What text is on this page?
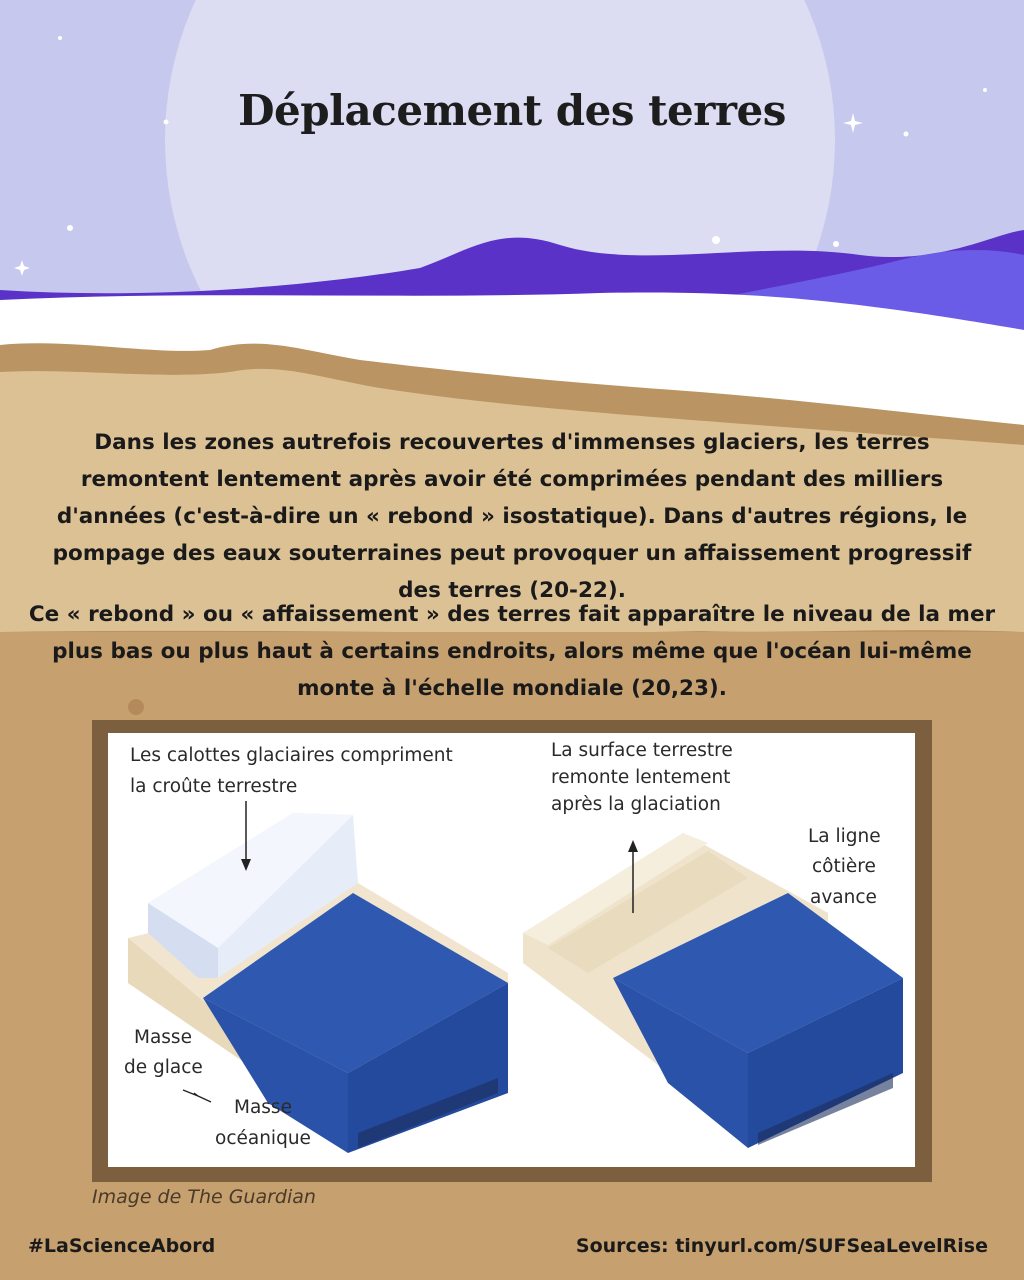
Déplacement des terres
Dans les zones autrefois recouvertes d'immenses glaciers, les terres remontent lentement après avoir été comprimées pendant des milliers d'années (c'est-à-dire un « rebond » isostatique). Dans d'autres régions, le pompage des eaux souterraines peut provoquer un affaissement progressif des terres (20-22).
Ce « rebond » ou « affaissement » des terres fait apparaître le niveau de la mer plus bas ou plus haut à certains endroits, alors même que l'océan lui-même monte à l'échelle mondiale (20,23).
Les calottes glaciaires compriment
la croûte terrestre
Masse
de glace
Masse
océanique
La surface terrestre
remonte lentement
après la glaciation
La ligne
côtière
avance
Image de The Guardian
#LaScienceAbord	Sources: tinyurl.com/SUFSeaLevelRise
